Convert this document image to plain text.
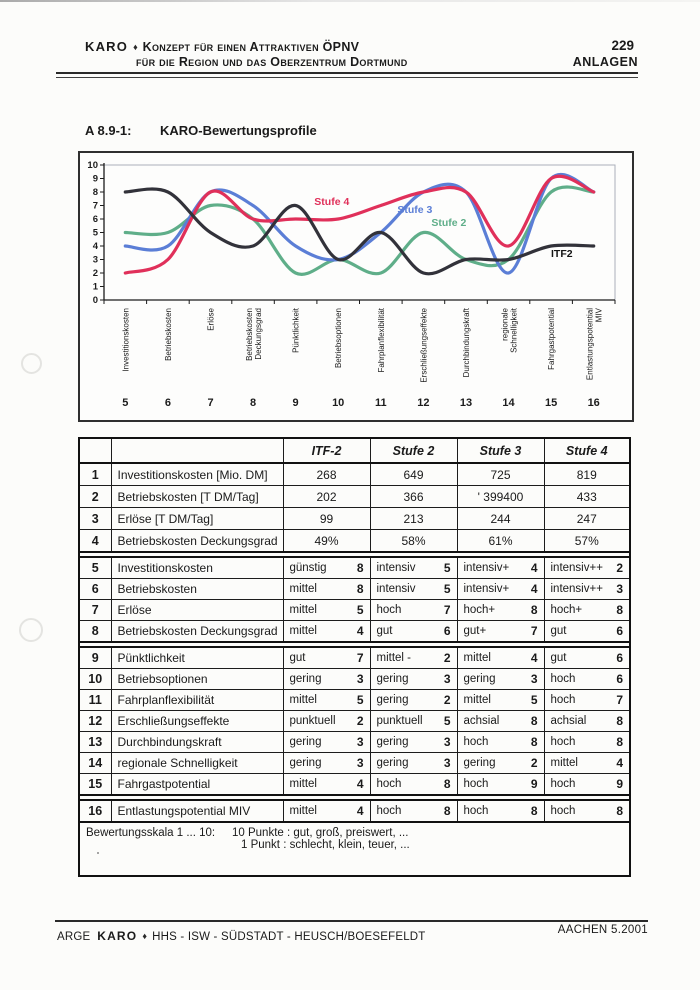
KARO ♦ Konzept für einen Attraktiven ÖPNV
für die Region und das Oberzentrum Dortmund
229
ANLAGEN
A 8.9-1: KARO-Bewertungsprofile
0
1
2
3
4
5
6
7
8
9
10
Investitionskosten	Betriebskosten	Erlöse	BetriebskostenDeckungsgrad	Pünktlichkeit	Betriebsoptionen	Fahrplanflexibilität	Erschließungseffekte	Durchbindungskraft	regionaleSchnelligkeit	Fahrgastpotential	EntlastungspotentialMIV
5	6	7	8	9	10	11	12	13	14	15	16
Stufe 4
Stufe 3
Stufe 2
ITF2
		ITF-2	Stufe 2	Stufe 3	Stufe 4
1	Investitionskosten [Mio. DM]	268	649	725	819
2	Betriebskosten [T DM/Tag]	202	366	' 399400	433
3	Erlöse [T DM/Tag]	99	213	244	247
4	Betriebskosten Deckungsgrad	49%	58%	61%	57%

5	Investitionskosten	günstig 8	intensiv 5	intensiv+ 4	intensiv++ 2

6	Betriebskosten	mittel 8	intensiv 5	intensiv+ 4	intensiv++ 3

7	Erlöse	mittel 5	hoch 7	hoch+ 8	hoch+ 8

8	Betriebskosten Deckungsgrad	mittel 4	gut 6	gut+ 7	gut 6

9	Pünktlichkeit	gut 7	mittel - 2	mittel 4	gut 6

10	Betriebsoptionen	gering 3	gering 3	gering 3	hoch 6

11	Fahrplanflexibilität	mittel 5	gering 2	mittel 5	hoch 7

12	Erschließungseffekte	punktuell 2	punktuell 5	achsial 8	achsial 8

13	Durchbindungskraft	gering 3	gering 3	hoch 8	hoch 8

14	regionale Schnelligkeit	gering 3	gering 3	gering 2	mittel 4

15	Fahrgastpotential	mittel 4	hoch 8	hoch 9	hoch 9

16	Entlastungspotential MIV	mittel 4	hoch 8	hoch 8	hoch 8

Bewertungsskala 1 ... 10: 10 Punkte : gut, groß, preiswert, ...
1 Punkt : schlecht, klein, teuer, ...					
ARGE KARO ♦ HHS - ISW - SÜDSTADT - HEUSCH/BOESEFELDT
AACHEN 5.2001
